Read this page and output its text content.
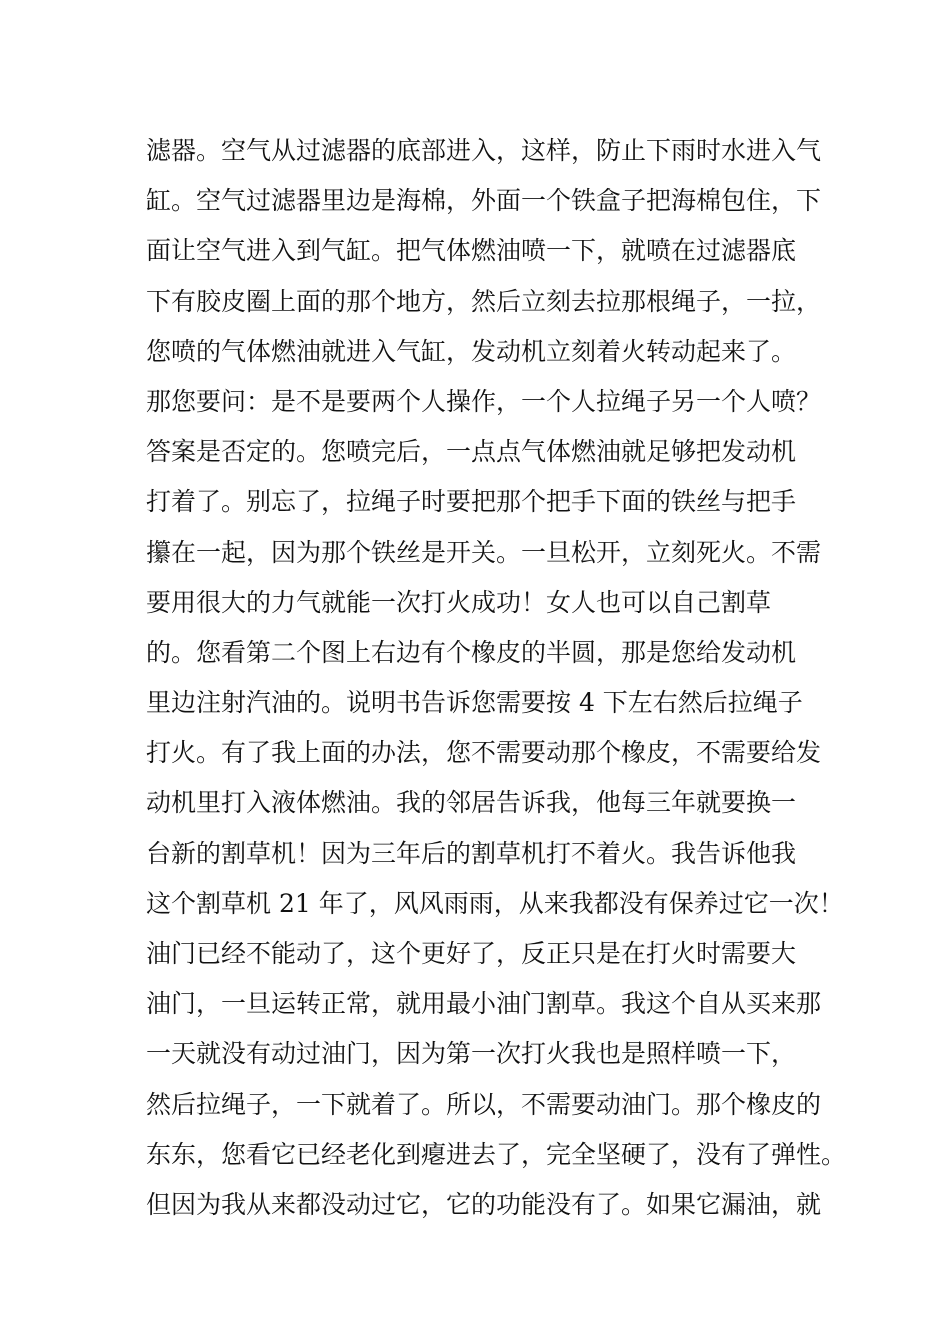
滤器。空气从过滤器的底部进入，这样，防止下雨时水进入气
缸。空气过滤器里边是海棉，外面一个铁盒子把海棉包住，下
面让空气进入到气缸。把气体燃油喷一下，就喷在过滤器底
下有胶皮圈上面的那个地方，然后立刻去拉那根绳子，一拉，
您喷的气体燃油就进入气缸，发动机立刻着火转动起来了。
那您要问：是不是要两个人操作，一个人拉绳子另一个人喷？
答案是否定的。您喷完后，一点点气体燃油就足够把发动机
打着了。别忘了，拉绳子时要把那个把手下面的铁丝与把手
攥在一起，因为那个铁丝是开关。一旦松开，立刻死火。不需
要用很大的力气就能一次打火成功！女人也可以自己割草
的。您看第二个图上右边有个橡皮的半圆，那是您给发动机
里边注射汽油的。说明书告诉您需要按 4 下左右然后拉绳子
打火。有了我上面的办法，您不需要动那个橡皮，不需要给发
动机里打入液体燃油。我的邻居告诉我，他每三年就要换一
台新的割草机！因为三年后的割草机打不着火。我告诉他我
这个割草机 21 年了，风风雨雨，从来我都没有保养过它一次！
油门已经不能动了，这个更好了，反正只是在打火时需要大
油门，一旦运转正常，就用最小油门割草。我这个自从买来那
一天就没有动过油门，因为第一次打火我也是照样喷一下，
然后拉绳子，一下就着了。所以，不需要动油门。那个橡皮的
东东，您看它已经老化到瘪进去了，完全坚硬了，没有了弹性。
但因为我从来都没动过它，它的功能没有了。如果它漏油，就
